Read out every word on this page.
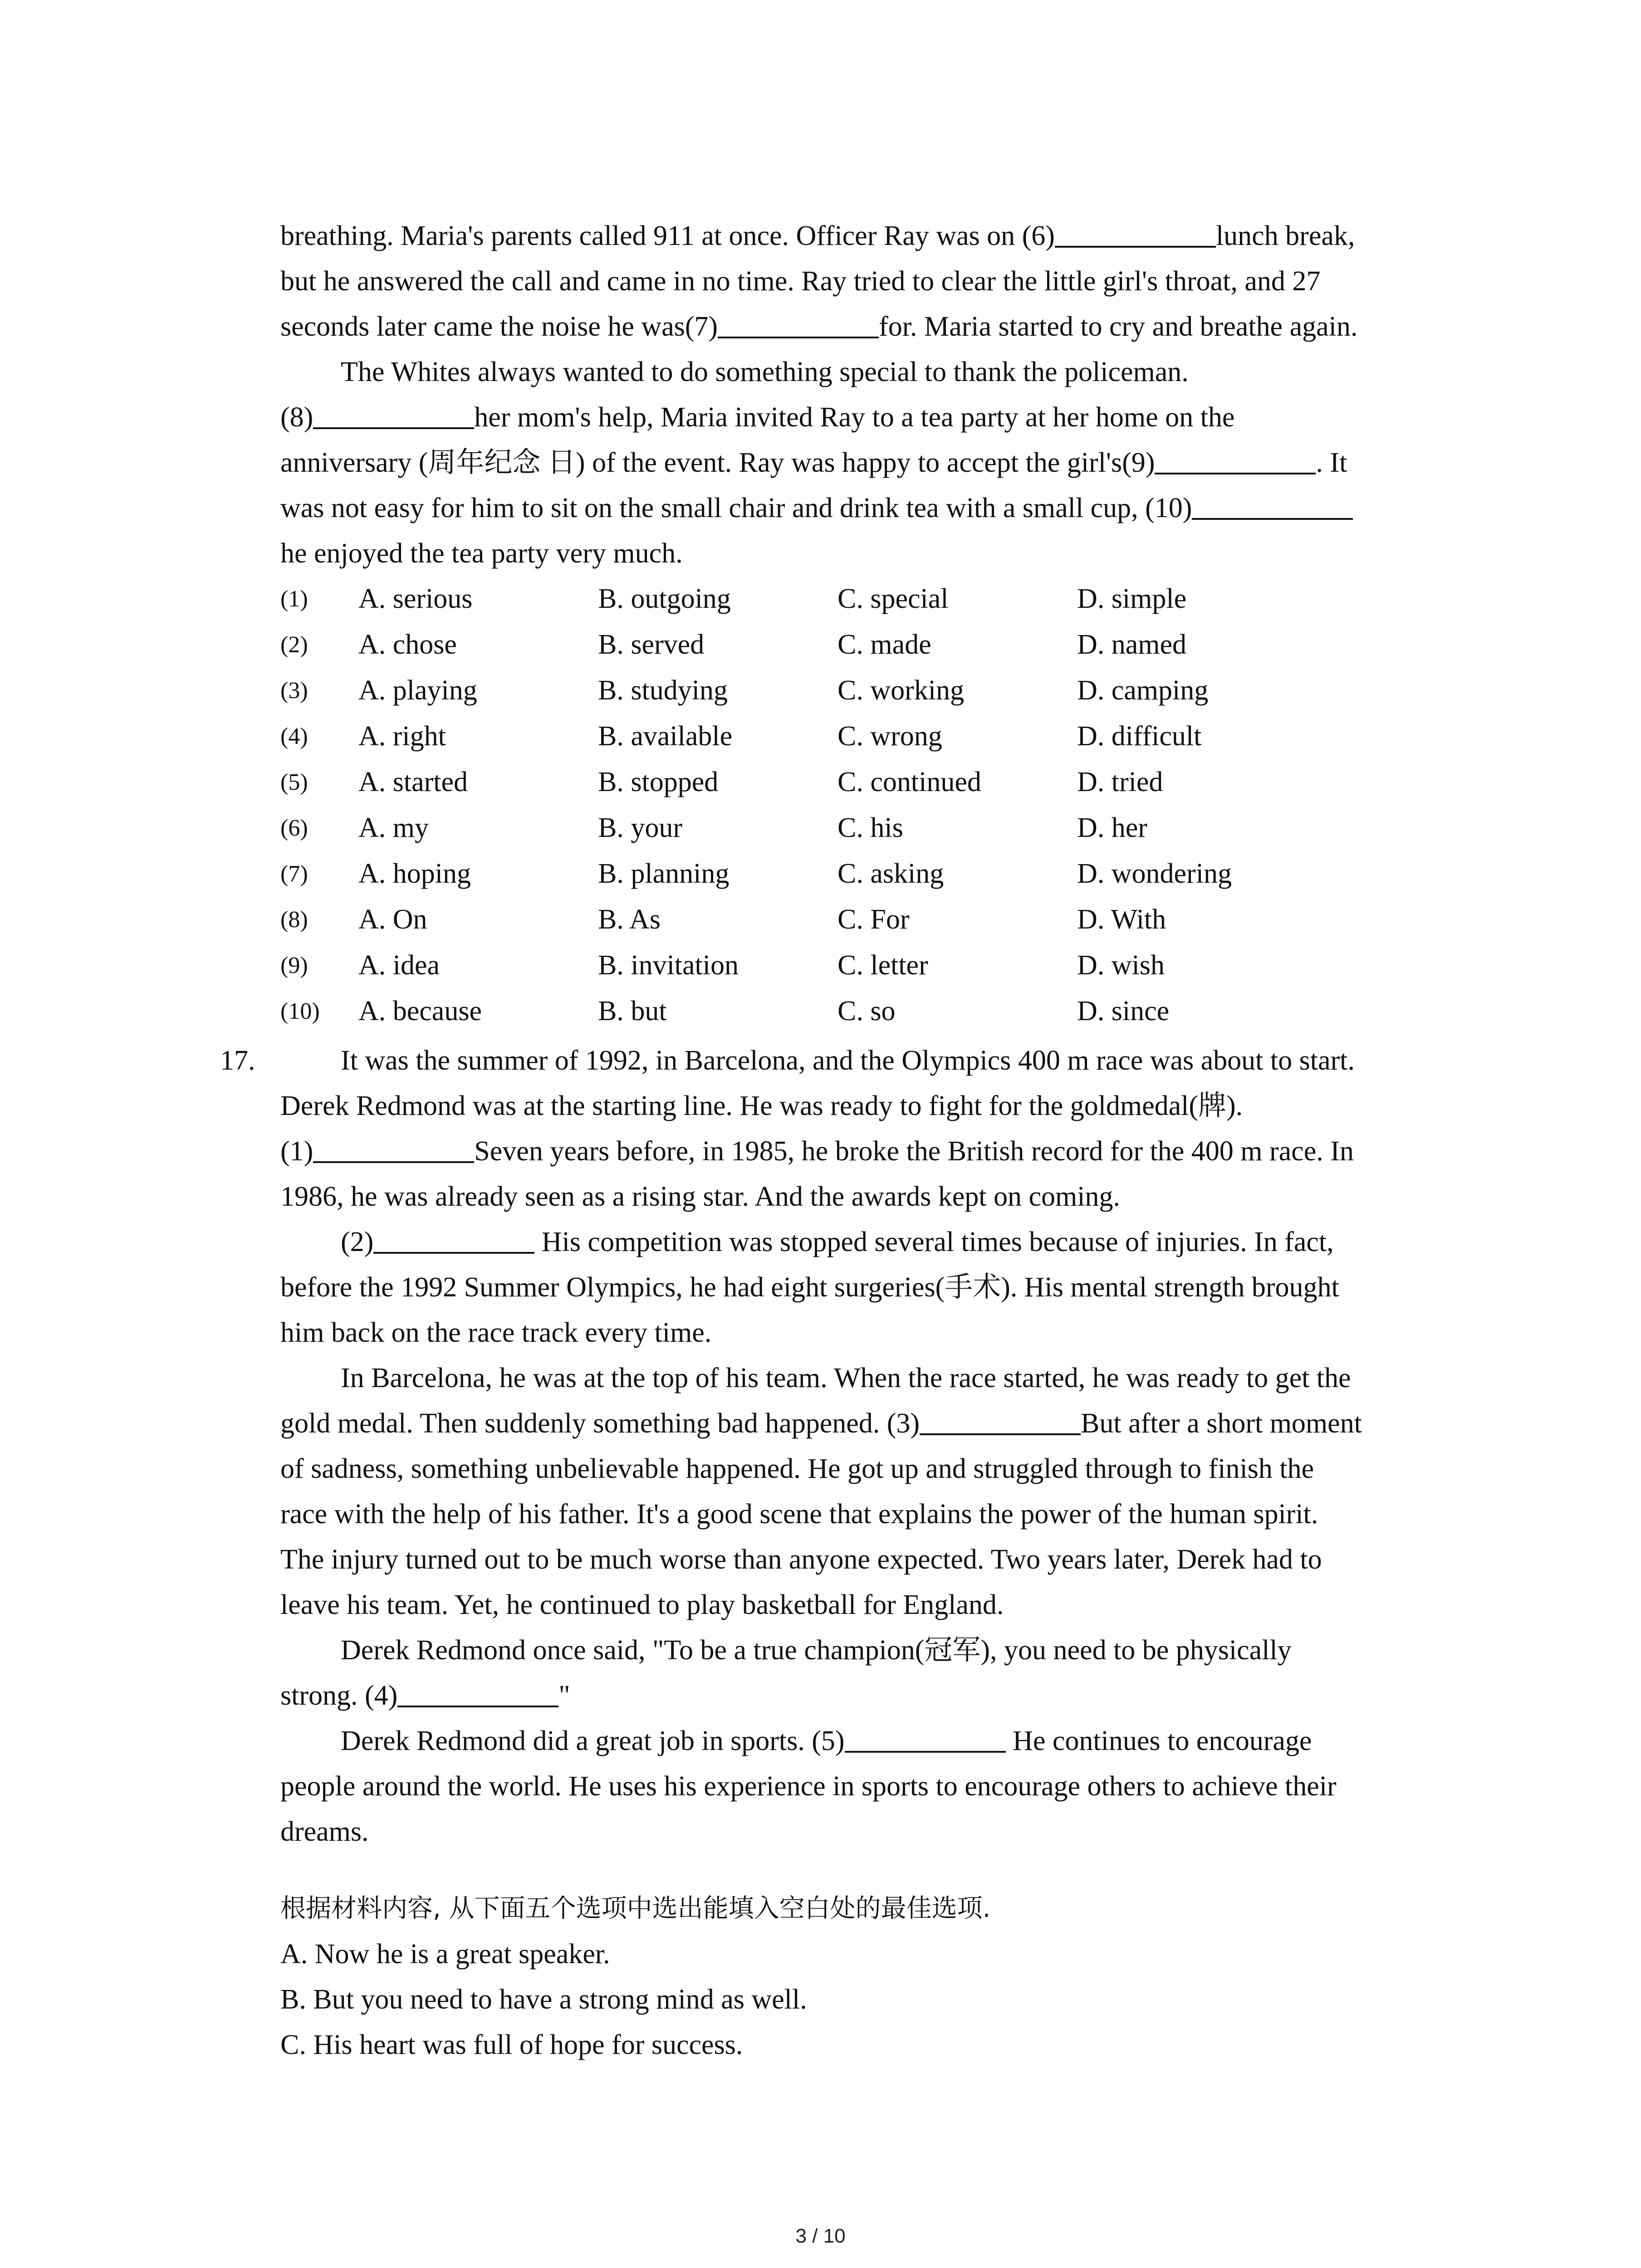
breathing. Maria's parents called 911 at once. Officer Ray was on (6)	lunch break,

but he answered the call and came in no time. Ray tried to clear the little girl's throat, and 27

seconds later came the noise he was(7)	for. Maria started to cry and breathe again.

The Whites always wanted to do something special to thank the policeman.

(8)	her mom's help, Maria invited Ray to a tea party at her home on the

anniversary (周年纪念 日) of the event. Ray was happy to accept the girl's(9)	. It

was not easy for him to sit on the small chair and drink tea with a small cup, (10)

he enjoyed the tea party very much.

(1) A. serious	B. outgoing	C. special	D. simple
(2) A. chose	B. served	C. made	D. named
(3) A. playing	B. studying	C. working	D. camping
(4) A. right	B. available	C. wrong	D. difficult
(5) A. started	B. stopped	C. continued	D. tried
(6) A. my	B. your	C. his	D. her
(7) A. hoping	B. planning	C. asking	D. wondering
(8) A. On	B. As	C. For	D. With
(9) A. idea	B. invitation	C. letter	D. wish
(10) A. because	B. but	C. so	D. since
17.	It was the summer of 1992, in Barcelona, and the Olympics 400 m race was about to start.

Derek Redmond was at the starting line. He was ready to fight for the goldmedal(牌).

(1)	Seven years before, in 1985, he broke the British record for the 400 m race. In

1986, he was already seen as a rising star. And the awards kept on coming.

(2)	His competition was stopped several times because of injuries. In fact,

before the 1992 Summer Olympics, he had eight surgeries(手术). His mental strength brought

him back on the race track every time.

In Barcelona, he was at the top of his team. When the race started, he was ready to get the

gold medal. Then suddenly something bad happened. (3)	But after a short moment

of sadness, something unbelievable happened. He got up and struggled through to finish the

race with the help of his father. It's a good scene that explains the power of the human spirit.

The injury turned out to be much worse than anyone expected. Two years later, Derek had to

leave his team. Yet, he continued to play basketball for England.

Derek Redmond once said, "To be a true champion(冠军), you need to be physically

strong. (4)	"

Derek Redmond did a great job in sports. (5)	He continues to encourage

people around the world. He uses his experience in sports to encourage others to achieve their

dreams.

根据材料内容, 从下面五个选项中选出能填入空白处的最佳选项.

A. Now he is a great speaker.

B. But you need to have a strong mind as well.

C. His heart was full of hope for success.

3 / 10
